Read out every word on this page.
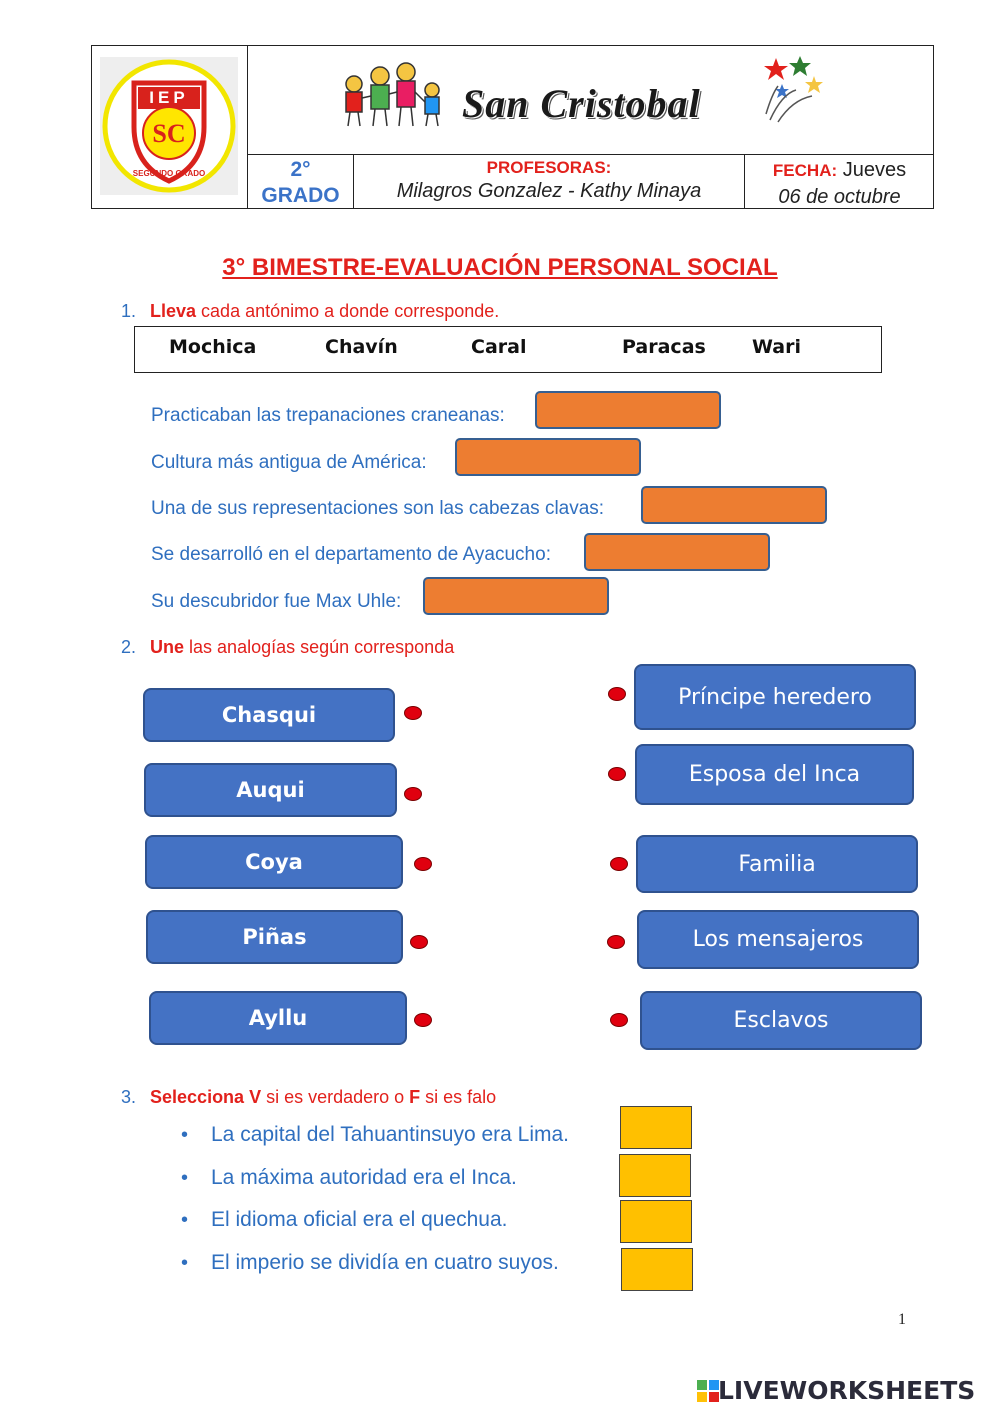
IEP
SC
SEGUNDO GRADO
San Cristobal
2°
GRADO
PROFESORAS:
Milagros Gonzalez - Kathy Minaya
FECHA: Jueves
06 de octubre
3° BIMESTRE-EVALUACIÓN PERSONAL SOCIAL
1. Lleva cada antónimo a donde corresponde.
Mochica	Chavín	Caral	Paracas Wari
Practicaban las trepanaciones craneanas:
Cultura más antigua de América:
Una de sus representaciones son las cabezas clavas:
Se desarrolló en el departamento de Ayacucho:
Su descubridor fue Max Uhle:
2. Une las analogías según corresponda
Chasqui
Auqui
Coya
Piñas
Ayllu
Príncipe heredero
Esposa del Inca
Familia
Los mensajeros
Esclavos
3. Selecciona V si es verdadero o F si es falo
• La capital del Tahuantinsuyo era Lima.
• La máxima autoridad era el Inca.
• El idioma oficial era el quechua.
• El imperio se dividía en cuatro suyos.
1
LIVEWORKSHEETS
